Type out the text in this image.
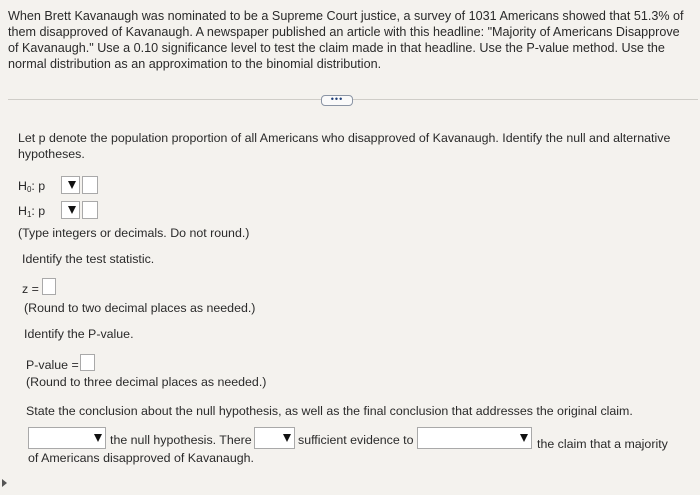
When Brett Kavanaugh was nominated to be a Supreme Court justice, a survey of 1031 Americans showed that 51.3% of them disapproved of Kavanaugh. A newspaper published an article with this headline: "Majority of Americans Disapprove of Kavanaugh." Use a 0.10 significance level to test the claim made in that headline. Use the P-value method. Use the normal distribution as an approximation to the binomial distribution.
•••
Let p denote the population proportion of all Americans who disapproved of Kavanaugh. Identify the null and alternative hypotheses.
$H_0$: p
$H_1$: p
(Type integers or decimals. Do not round.)
Identify the test statistic.
z =
(Round to two decimal places as needed.)
Identify the P-value.
P-value =
(Round to three decimal places as needed.)
State the conclusion about the null hypothesis, as well as the final conclusion that addresses the original claim.
the null hypothesis. There	sufficient evidence to	the claim that a majority
of Americans disapproved of Kavanaugh.
